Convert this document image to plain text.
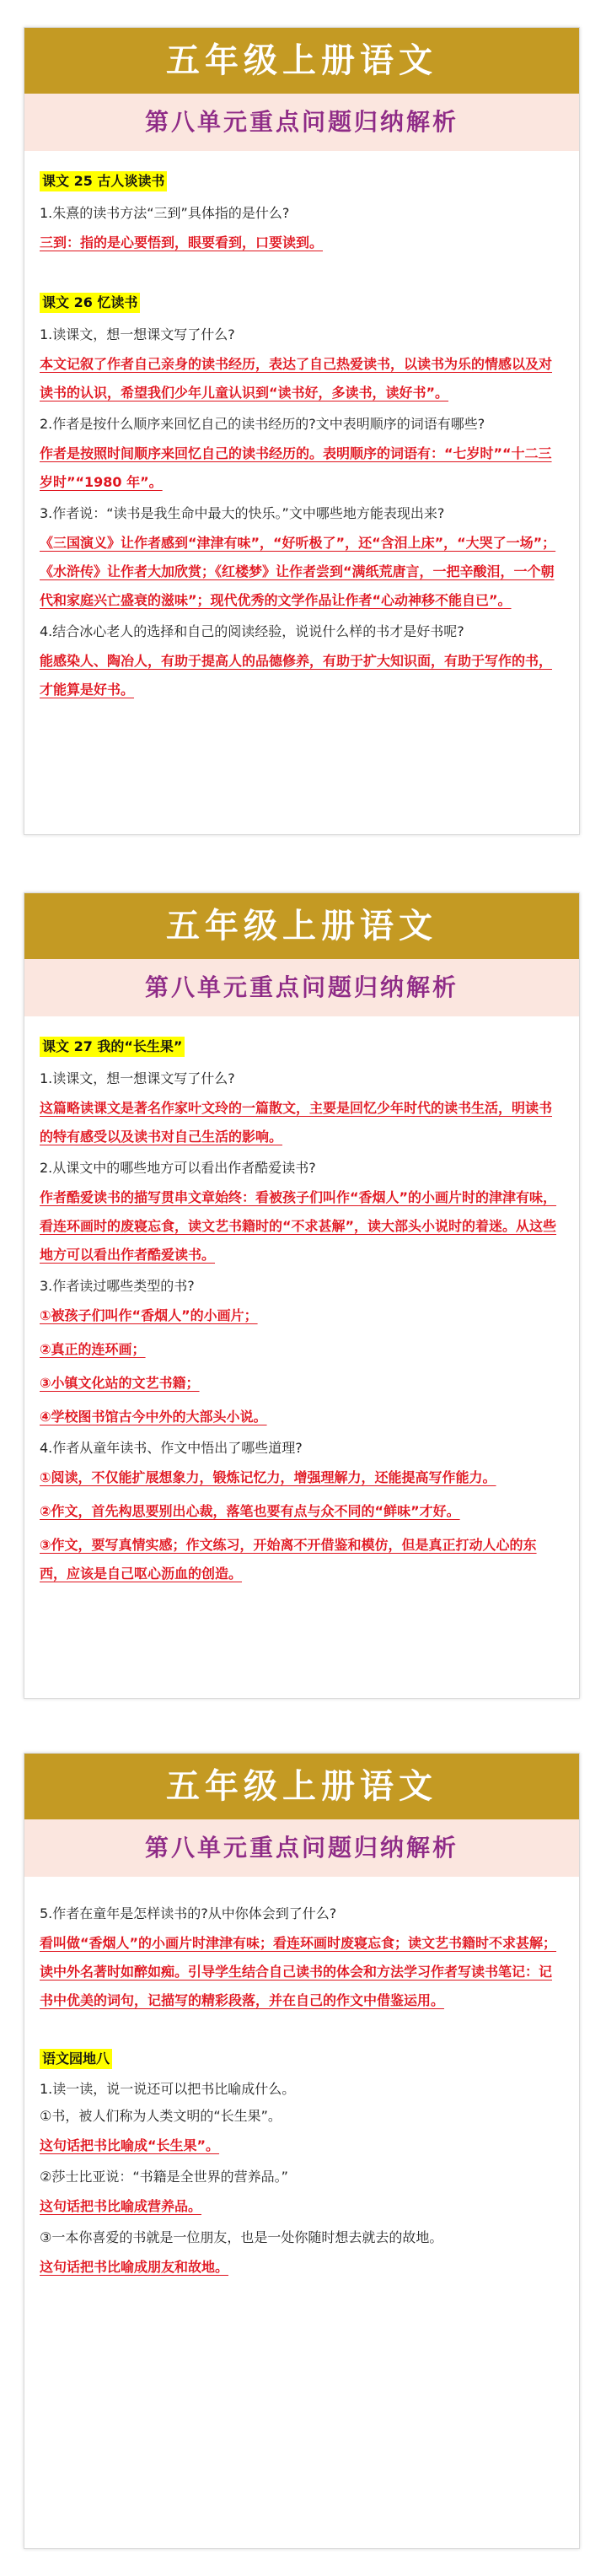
五年级上册语文
第八单元重点问题归纳解析
课文 25 古人谈读书
1.朱熹的读书方法“三到”具体指的是什么?
三到：指的是心要悟到，眼要看到，口要读到。
课文 26 忆读书
1.读课文，想一想课文写了什么?
本文记叙了作者自己亲身的读书经历，表达了自己热爱读书，以读书为乐的情感以及对读书的认识，希望我们少年儿童认识到“读书好，多读书，读好书”。
2.作者是按什么顺序来回忆自己的读书经历的?文中表明顺序的词语有哪些?
作者是按照时间顺序来回忆自己的读书经历的。表明顺序的词语有：“七岁时”“十二三岁时”“1980 年”。
3.作者说：“读书是我生命中最大的快乐。”文中哪些地方能表现出来?
《三国演义》让作者感到“津津有味”，“好听极了”，还“含泪上床”，“大哭了一场”；《水浒传》让作者大加欣赏；《红楼梦》让作者尝到“满纸荒唐言，一把辛酸泪，一个朝代和家庭兴亡盛衰的滋味”；现代优秀的文学作品让作者“心动神移不能自已”。
4.结合冰心老人的选择和自己的阅读经验，说说什么样的书才是好书呢?
能感染人、陶冶人，有助于提高人的品德修养，有助于扩大知识面，有助于写作的书，才能算是好书。
五年级上册语文
第八单元重点问题归纳解析
课文 27 我的“长生果”
1.读课文，想一想课文写了什么?
这篇略读课文是著名作家叶文玲的一篇散文，主要是回忆少年时代的读书生活，明读书的特有感受以及读书对自己生活的影响。
2.从课文中的哪些地方可以看出作者酷爱读书?
作者酷爱读书的描写贯串文章始终：看被孩子们叫作“香烟人”的小画片时的津津有味，看连环画时的废寝忘食，读文艺书籍时的“不求甚解”，读大部头小说时的着迷。从这些地方可以看出作者酷爱读书。
3.作者读过哪些类型的书?
①被孩子们叫作“香烟人”的小画片；
②真正的连环画；
③小镇文化站的文艺书籍；
④学校图书馆古今中外的大部头小说。
4.作者从童年读书、作文中悟出了哪些道理?
①阅读，不仅能扩展想象力，锻炼记忆力，增强理解力，还能提高写作能力。
②作文，首先构思要别出心裁，落笔也要有点与众不同的“鲜味”才好。
③作文，要写真情实感；作文练习，开始离不开借鉴和模仿，但是真正打动人心的东西，应该是自己呕心沥血的创造。
五年级上册语文
第八单元重点问题归纳解析
5.作者在童年是怎样读书的?从中你体会到了什么?
看叫做“香烟人”的小画片时津津有味；看连环画时废寝忘食；读文艺书籍时不求甚解；读中外名著时如醉如痴。引导学生结合自己读书的体会和方法学习作者写读书笔记：记书中优美的词句，记描写的精彩段落，并在自己的作文中借鉴运用。
语文园地八
1.读一读，说一说还可以把书比喻成什么。
①书，被人们称为人类文明的“长生果”。
这句话把书比喻成“长生果”。
②莎士比亚说：“书籍是全世界的营养品。”
这句话把书比喻成营养品。
③一本你喜爱的书就是一位朋友，也是一处你随时想去就去的故地。
这句话把书比喻成朋友和故地。
